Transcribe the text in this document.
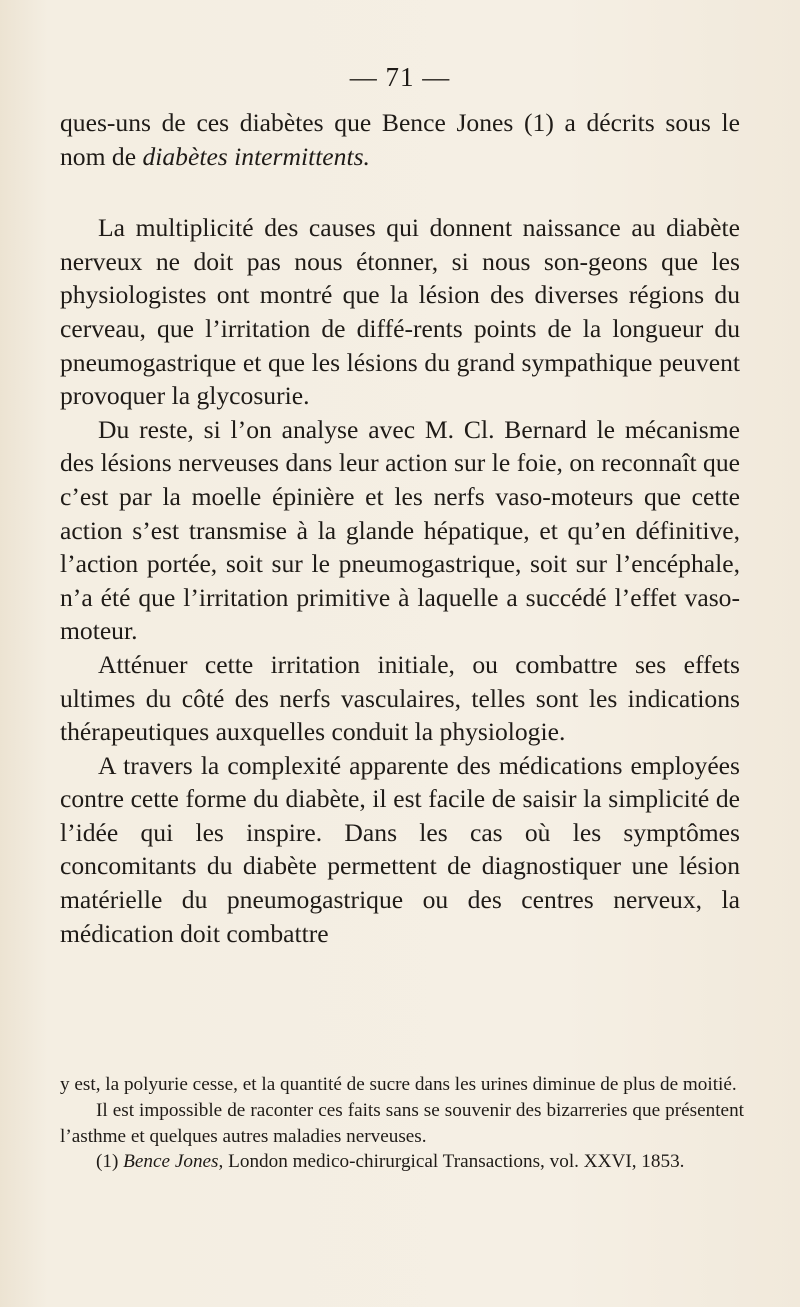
— 71 —

ques-uns de ces diabètes que Bence Jones (1) a décrits sous le nom de diabètes intermittents.

La multiplicité des causes qui donnent naissance au diabète nerveux ne doit pas nous étonner, si nous son-geons que les physiologistes ont montré que la lésion des diverses régions du cerveau, que l’irritation de diffé-rents points de la longueur du pneumogastrique et que les lésions du grand sympathique peuvent provoquer la glycosurie.

Du reste, si l’on analyse avec M. Cl. Bernard le mécanisme des lésions nerveuses dans leur action sur le foie, on reconnaît que c’est par la moelle épinière et les nerfs vaso-moteurs que cette action s’est transmise à la glande hépatique, et qu’en définitive, l’action portée, soit sur le pneumogastrique, soit sur l’encéphale, n’a été que l’irritation primitive à laquelle a succédé l’effet vaso-moteur.

Atténuer cette irritation initiale, ou combattre ses effets ultimes du côté des nerfs vasculaires, telles sont les indications thérapeutiques auxquelles conduit la physiologie.

A travers la complexité apparente des médications employées contre cette forme du diabète, il est facile de saisir la simplicité de l’idée qui les inspire. Dans les cas où les symptômes concomitants du diabète permettent de diagnostiquer une lésion matérielle du pneumogastrique ou des centres nerveux, la médication doit combattre

y est, la polyurie cesse, et la quantité de sucre dans les urines diminue de plus de moitié.

Il est impossible de raconter ces faits sans se souvenir des bizarreries que présentent l’asthme et quelques autres maladies nerveuses.

(1) Bence Jones, London medico-chirurgical Transactions, vol. XXVI, 1853.
